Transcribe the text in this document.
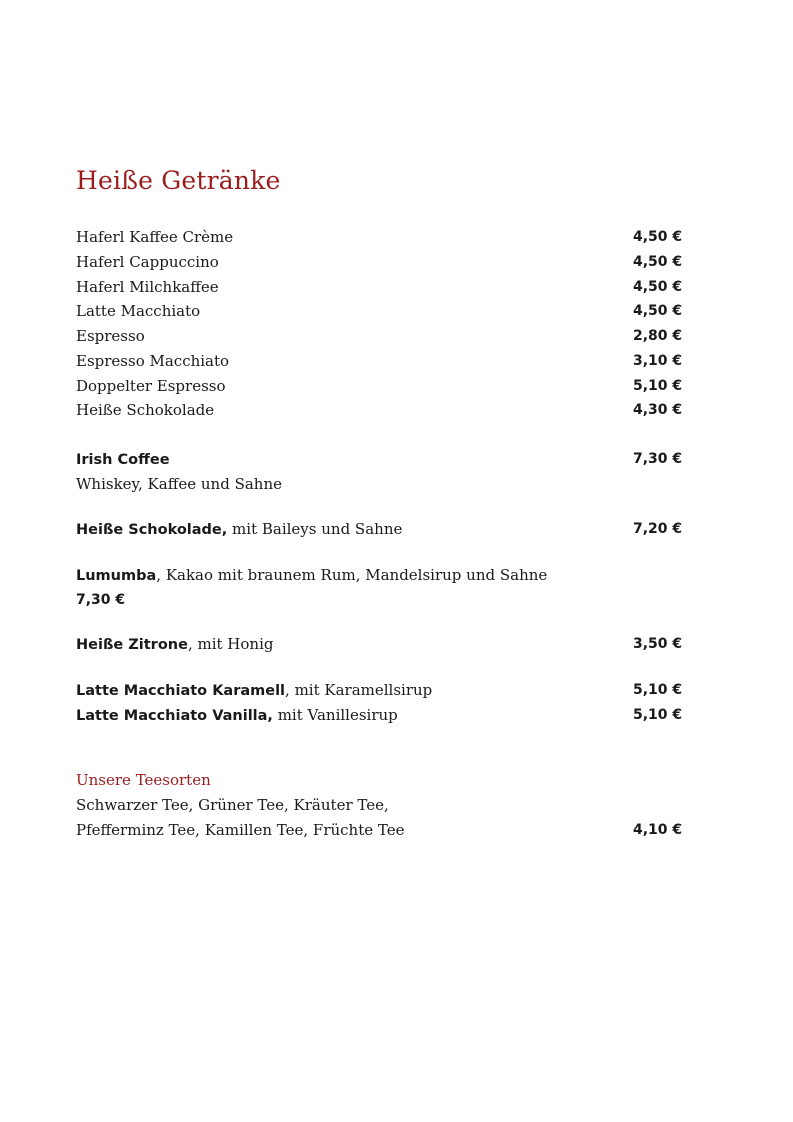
Heiße Getränke
Haferl Kaffee Crème	4,50 €
Haferl Cappuccino	4,50 €
Haferl Milchkaffee	4,50 €
Latte Macchiato	4,50 €
Espresso	2,80 €
Espresso Macchiato	3,10 €
Doppelter Espresso	5,10 €
Heiße Schokolade	4,30 €
Irish Coffee	7,30 €
Whiskey, Kaffee und Sahne
Heiße Schokolade, mit Baileys und Sahne	7,20 €
Lumumba, Kakao mit braunem Rum, Mandelsirup und Sahne
7,30 €
Heiße Zitrone, mit Honig	3,50 €
Latte Macchiato Karamell, mit Karamellsirup	5,10 €
Latte Macchiato Vanilla, mit Vanillesirup	5,10 €
Unsere Teesorten
Schwarzer Tee, Grüner Tee, Kräuter Tee,
Pfefferminz Tee, Kamillen Tee, Früchte Tee	4,10 €
